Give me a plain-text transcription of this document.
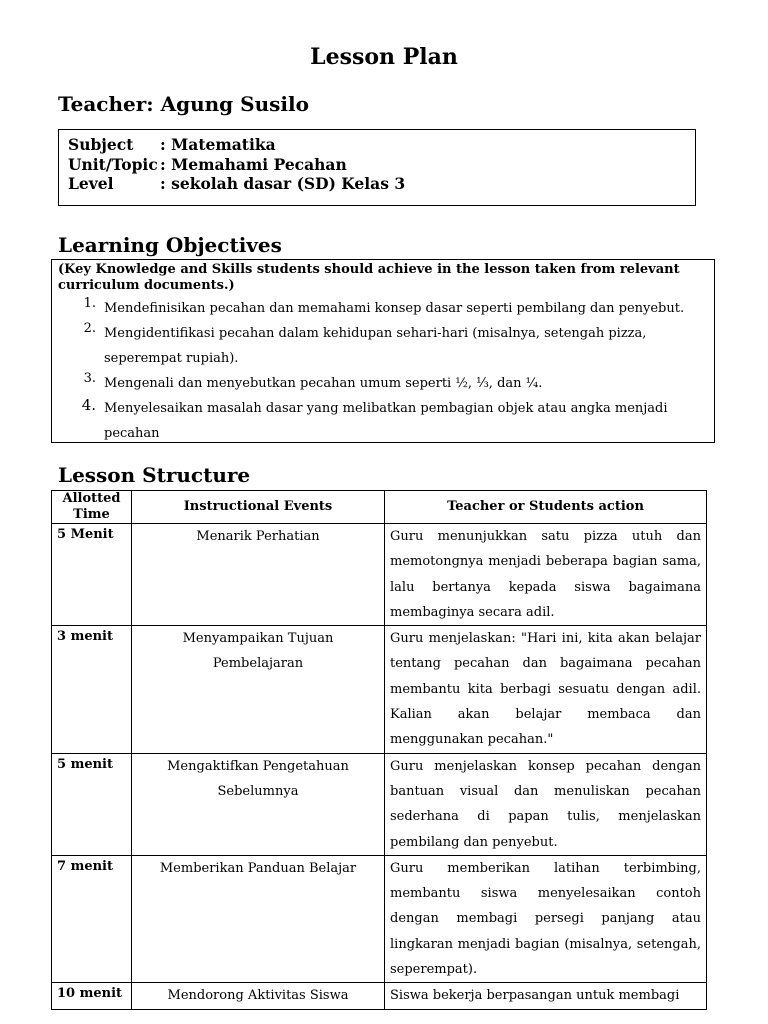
Lesson Plan
Teacher: Agung Susilo
Subject	: Matematika
Unit/Topic : Memahami Pecahan
Level	: sekolah dasar (SD) Kelas 3
Learning Objectives
(Key Knowledge and Skills students should achieve in the lesson taken from relevant curriculum documents.)
1. Mendefinisikan pecahan dan memahami konsep dasar seperti pembilang dan penyebut.
2. Mengidentifikasi pecahan dalam kehidupan sehari-hari (misalnya, setengah pizza, seperempat rupiah).
3. Mengenali dan menyebutkan pecahan umum seperti ½, ⅓, dan ¼.
4. Menyelesaikan masalah dasar yang melibatkan pembagian objek atau angka menjadi pecahan
Lesson Structure
Allotted Time	Instructional Events	Teacher or Students action
5 Menit	Menarik Perhatian	Guru menunjukkan satu pizza utuh dan memotongnya menjadi beberapa bagian sama, lalu bertanya kepada siswa bagaimana membaginya secara adil.
3 menit	Menyampaikan Tujuan Pembelajaran	Guru menjelaskan: "Hari ini, kita akan belajar tentang pecahan dan bagaimana pecahan membantu kita berbagi sesuatu dengan adil. Kalian akan belajar membaca dan menggunakan pecahan."
5 menit	Mengaktifkan Pengetahuan Sebelumnya	Guru menjelaskan konsep pecahan dengan bantuan visual dan menuliskan pecahan sederhana di papan tulis, menjelaskan pembilang dan penyebut.
7 menit	Memberikan Panduan Belajar	Guru memberikan latihan terbimbing, membantu siswa menyelesaikan contoh dengan membagi persegi panjang atau lingkaran menjadi bagian (misalnya, setengah, seperempat).
10 menit	Mendorong Aktivitas Siswa	Siswa bekerja berpasangan untuk membagi
